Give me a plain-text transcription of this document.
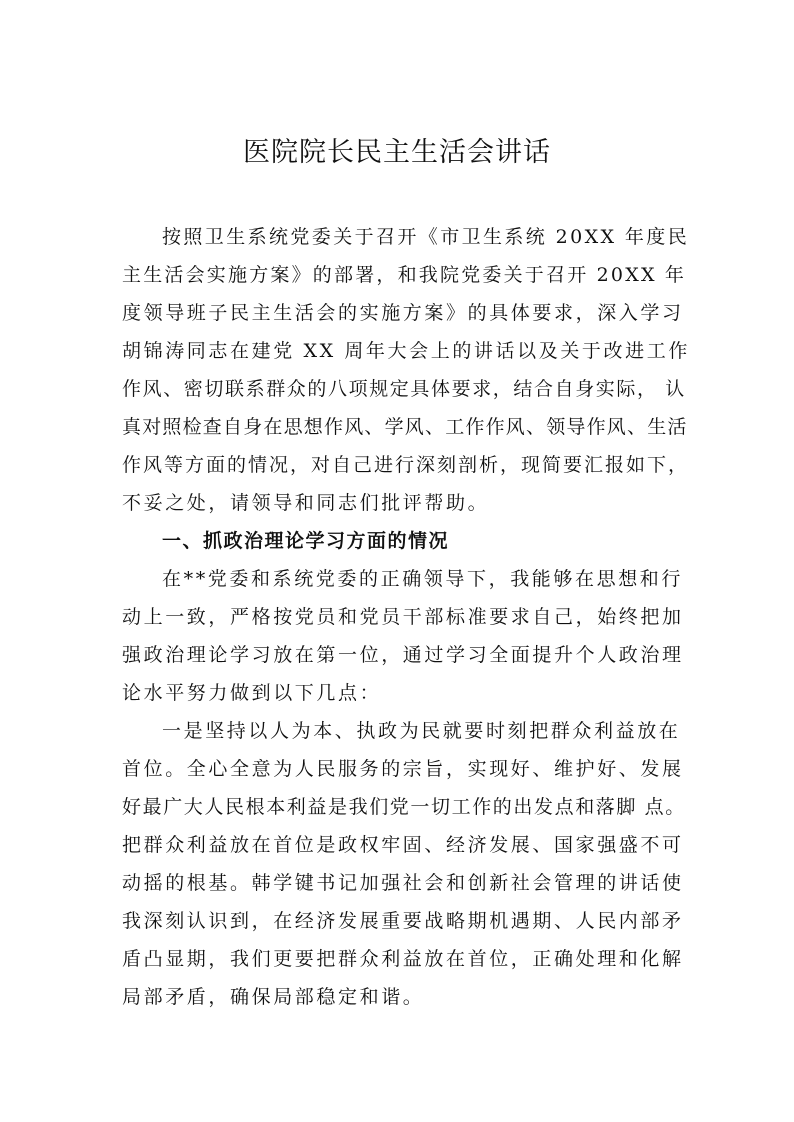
医院院长民主生活会讲话
按照卫生系统党委关于召开《市卫生系统 20XX 年度民
主生活会实施方案》的部署，和我院党委关于召开 20XX 年
度领导班子民主生活会的实施方案》的具体要求，深入学习
胡锦涛同志在建党 XX 周年大会上的讲话以及关于改进工作
作风、密切联系群众的八项规定具体要求，结合自身实际， 认
真对照检查自身在思想作风、学风、工作作风、领导作风、生活
作风等方面的情况，对自己进行深刻剖析，现简要汇报如下，
不妥之处，请领导和同志们批评帮助。
一、抓政治理论学习方面的情况
在**党委和系统党委的正确领导下，我能够在思想和行
动上一致，严格按党员和党员干部标准要求自己，始终把加
强政治理论学习放在第一位，通过学习全面提升个人政治理
论水平努力做到以下几点：
一是坚持以人为本、执政为民就要时刻把群众利益放在
首位。全心全意为人民服务的宗旨，实现好、维护好、发展
好最广大人民根本利益是我们党一切工作的出发点和落脚 点。
把群众利益放在首位是政权牢固、经济发展、国家强盛不可
动摇的根基。韩学键书记加强社会和创新社会管理的讲话使
我深刻认识到，在经济发展重要战略期机遇期、人民内部矛
盾凸显期，我们更要把群众利益放在首位，正确处理和化解
局部矛盾，确保局部稳定和谐。
